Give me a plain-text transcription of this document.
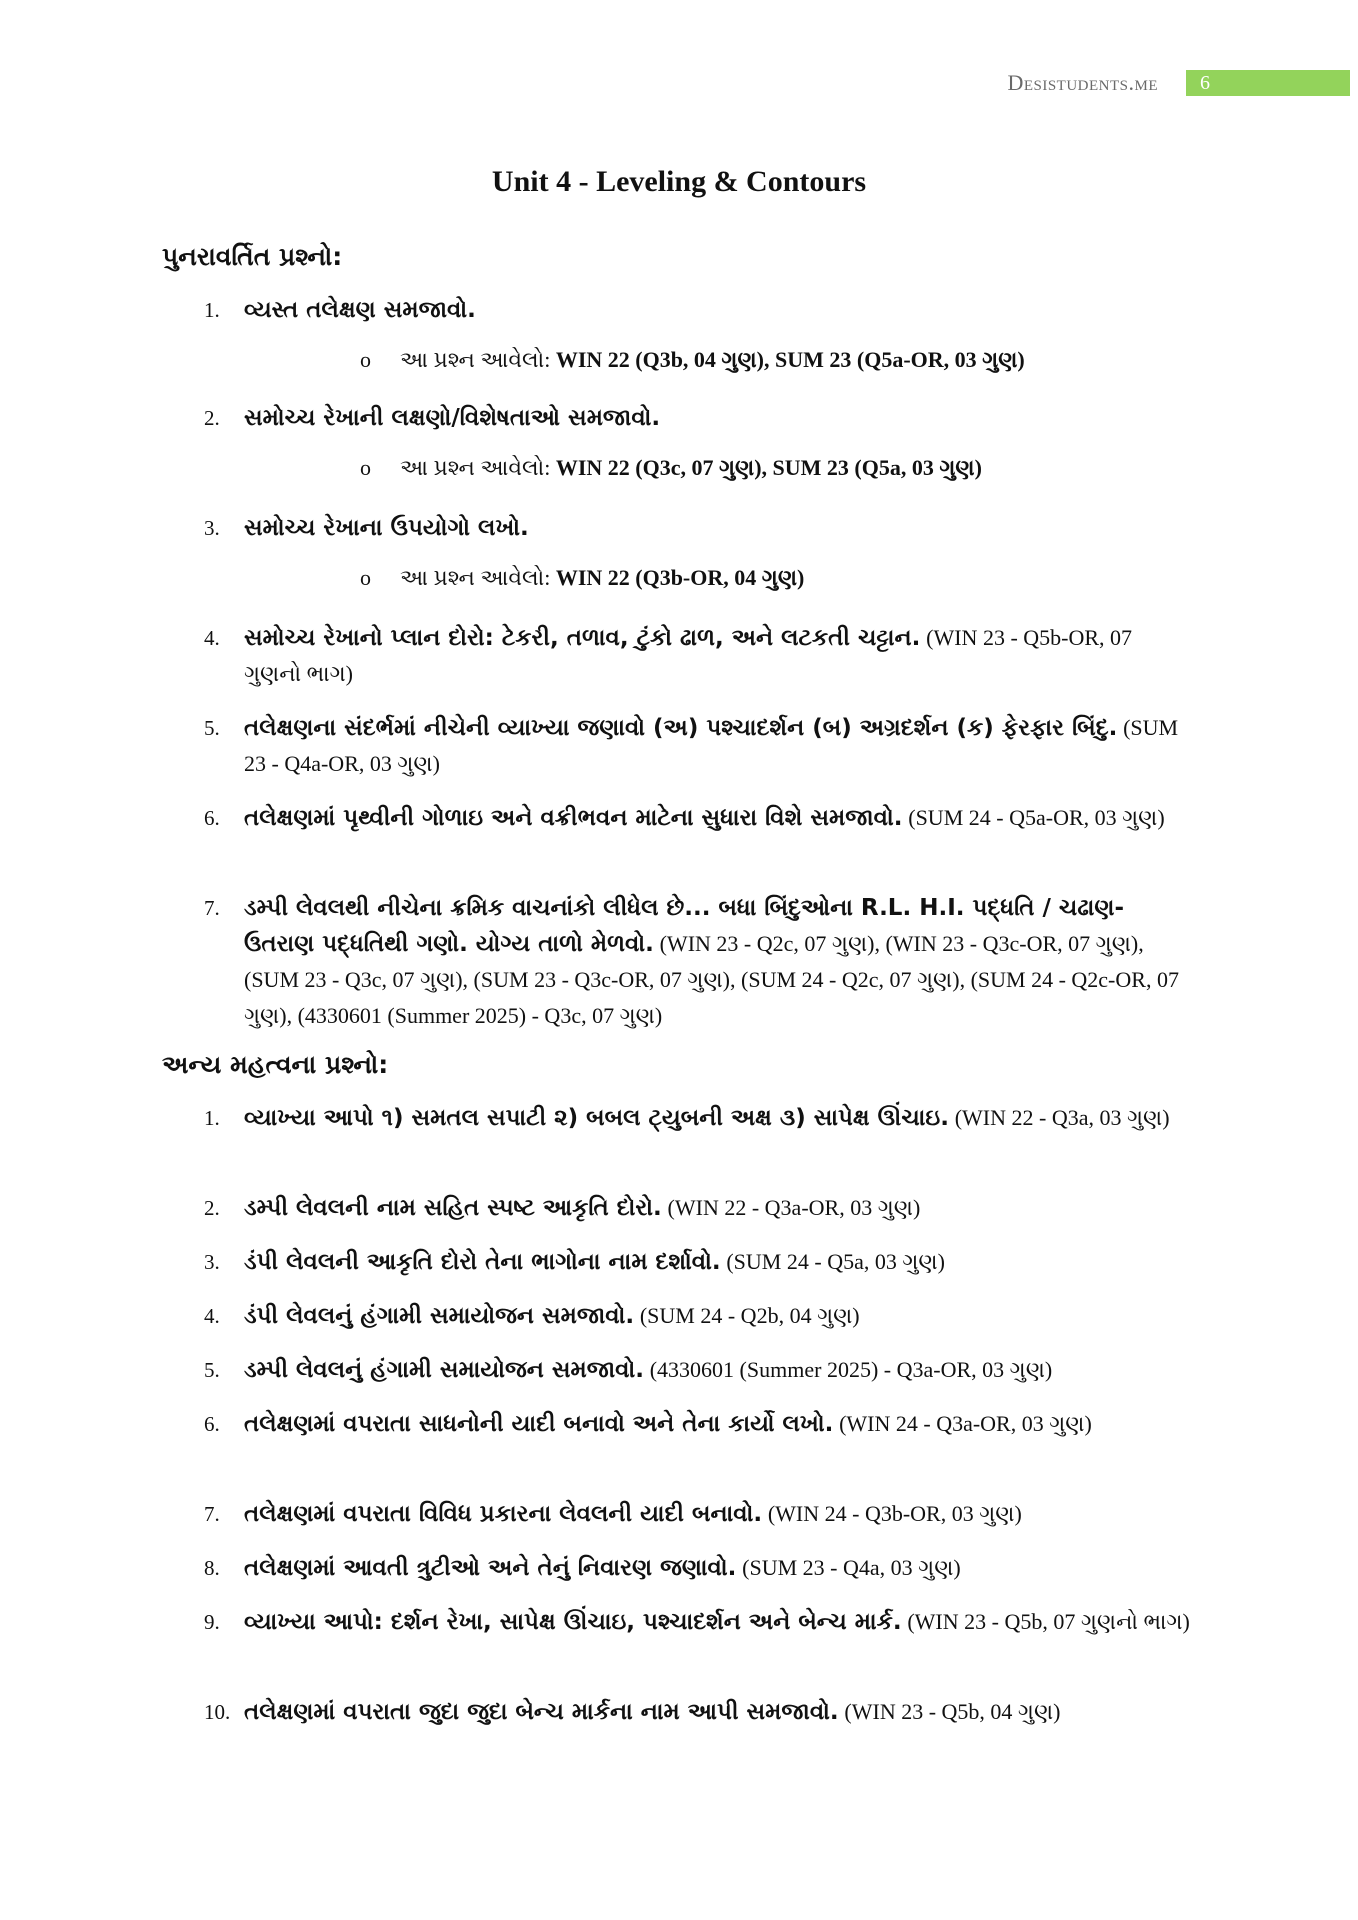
Desistudents.me	6
Unit 4 - Leveling & Contours
પુનરાવર્તિત પ્રશ્નો:
1.	વ્યસ્ત તલેક્ષણ સમજાવો.
o આ પ્રશ્ન આવેલો: WIN 22 (Q3b, 04 ગુણ), SUM 23 (Q5a-OR, 03 ગુણ)
2.	સમોચ્ચ રેખાની લક્ષણો/વિશેષતાઓ સમજાવો.
o આ પ્રશ્ન આવેલો: WIN 22 (Q3c, 07 ગુણ), SUM 23 (Q5a, 03 ગુણ)
3.	સમોચ્ચ રેખાના ઉપયોગો લખો.
o આ પ્રશ્ન આવેલો: WIN 22 (Q3b-OR, 04 ગુણ)
4.	સમોચ્ચ રેખાનો પ્લાન દોરો: ટેકરી, તળાવ, ટુંકો ઢાળ, અને લટકતી ચટ્ટાન. (WIN 23 - Q5b-OR, 07 ગુણનો ભાગ)
5.	તલેક્ષણના સંદર્ભમાં નીચેની વ્યાખ્યા જણાવો (અ) પશ્ચાદર્શન (બ) અગ્રદર્શન (ક) ફેરફાર બિંદુ. (SUM 23 - Q4a-OR, 03 ગુણ)
6.	તલેક્ષણમાં પૃથ્વીની ગોળાઇ અને વક્રીભવન માટેના સુધારા વિશે સમજાવો. (SUM 24 - Q5a-OR, 03 ગુણ)
7.	ડમ્પી લેવલથી નીચેના ક્રમિક વાચનાંકો લીધેલ છે... બધા બિંદુઓના R.L. H.I. પદ્ધતિ / ચઢાણ-ઉતરાણ પદ્ધતિથી ગણો. યોગ્ય તાળો મેળવો. (WIN 23 - Q2c, 07 ગુણ), (WIN 23 - Q3c-OR, 07 ગુણ), (SUM 23 - Q3c, 07 ગુણ), (SUM 23 - Q3c-OR, 07 ગુણ), (SUM 24 - Q2c, 07 ગુણ), (SUM 24 - Q2c-OR, 07 ગુણ), (4330601 (Summer 2025) - Q3c, 07 ગુણ)
અન્ય મહત્વના પ્રશ્નો:
1.	વ્યાખ્યા આપો ૧) સમતલ સપાટી ૨) બબલ ટ્યુબની અક્ષ ૩) સાપેક્ષ ઊંચાઇ. (WIN 22 - Q3a, 03 ગુણ)
2.	ડમ્પી લેવલની નામ સહિત સ્પષ્ટ આકૃતિ દોરો. (WIN 22 - Q3a-OR, 03 ગુણ)
3.	ડંપી લેવલની આકૃતિ દોરો તેના ભાગોના નામ દર્શાવો. (SUM 24 - Q5a, 03 ગુણ)
4.	ડંપી લેવલનું હંગામી સમાયોજન સમજાવો. (SUM 24 - Q2b, 04 ગુણ)
5.	ડમ્પી લેવલનું હંગામી સમાયોજન સમજાવો. (4330601 (Summer 2025) - Q3a-OR, 03 ગુણ)
6.	તલેક્ષણમાં વપરાતા સાધનોની યાદી બનાવો અને તેના કાર્યો લખો. (WIN 24 - Q3a-OR, 03 ગુણ)
7.	તલેક્ષણમાં વપરાતા વિવિધ પ્રકારના લેવલની યાદી બનાવો. (WIN 24 - Q3b-OR, 03 ગુણ)
8.	તલેક્ષણમાં આવતી ત્રુટીઓ અને તેનું નિવારણ જણાવો. (SUM 23 - Q4a, 03 ગુણ)
9.	વ્યાખ્યા આપો: દર્શન રેખા, સાપેક્ષ ઊંચાઇ, પશ્ચાદર્શન અને બેન્ચ માર્ક. (WIN 23 - Q5b, 07 ગુણનો ભાગ)
10. તલેક્ષણમાં વપરાતા જુદા જુદા બેન્ચ માર્કના નામ આપી સમજાવો. (WIN 23 - Q5b, 04 ગુણ)
